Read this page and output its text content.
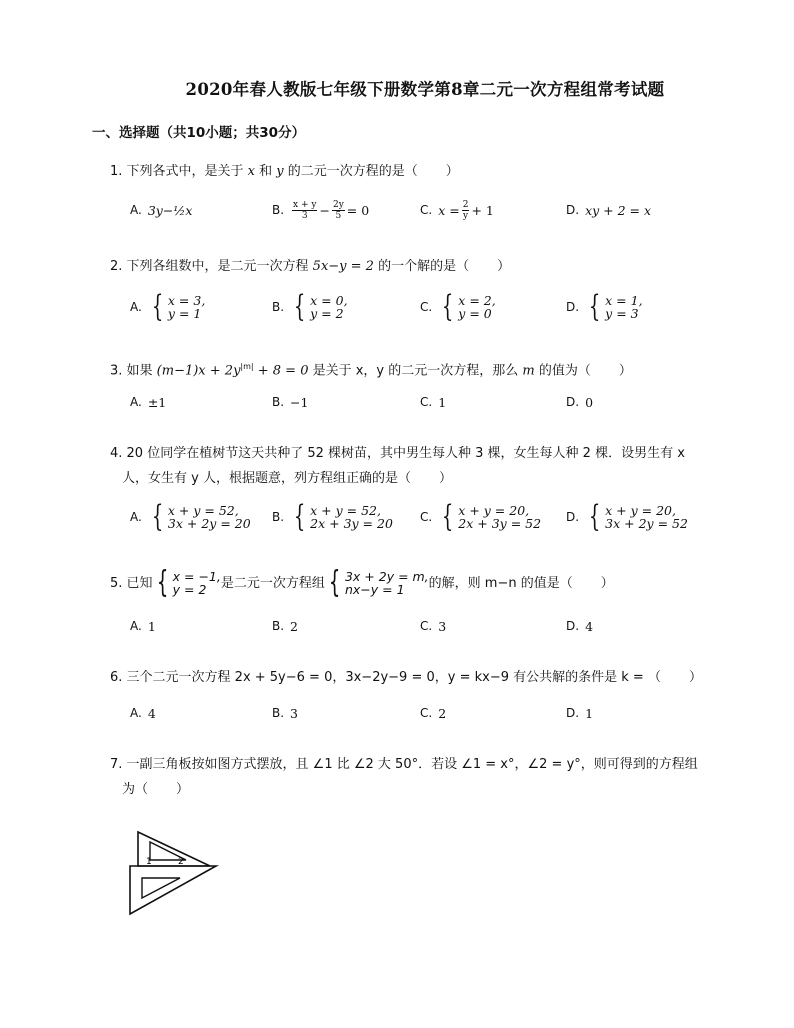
2020年春人教版七年级下册数学第8章二元一次方程组常考试题
一、选择题（共10小题；共30分）
1. 下列各式中，是关于 x 和 y 的二元一次方程的是（ ）
A. 3y−½x	B. $\frac{x + y}{3} - \frac{2y}{5} = 0$	C. $x = \frac{2}{y} + 1$	D. xy + 2 = x
2. 下列各组数中，是二元一次方程 5x−y = 2 的一个解的是（ ）
A. { x = 3,
y = 1	B. { x = 0,
y = 2	C. { x = 2,
y = 0	D. { x = 1,
y = 3
3. 如果 $(m-1)x + 2y^{|m|} + 8 = 0$ 是关于 x，y 的二元一次方程，那么 m 的值为（ ）
A. ±1	B. −1	C. 1	D. 0
4. 20 位同学在植树节这天共种了 52 棵树苗，其中男生每人种 3 棵，女生每人种 2 棵．设男生有 x
人，女生有 y 人，根据题意，列方程组正确的是（ ）
A. { x + y = 52,
3x + 2y = 20 B. { x + y = 52,
2x + 3y = 20 C. { x + y = 20,
2x + 3y = 52 D. { x + y = 20,
3x + 2y = 52
5. 已知 { x = −1,
y = 2	是二元一次方程组 { 3x + 2y = m,
nx−y = 1	的解，则 m−n 的值是（ ）
A. 1	B. 2	C. 3	D. 4
6. 三个二元一次方程 2x + 5y−6 = 0，3x−2y−9 = 0，y = kx−9 有公共解的条件是 k = （ ）
A. 4	B. 3	C. 2	D. 1
7. 一副三角板按如图方式摆放，且 ∠1 比 ∠2 大 50°．若设 ∠1 = x°，∠2 = y°，则可得到的方程组
为（ ）
1	2
